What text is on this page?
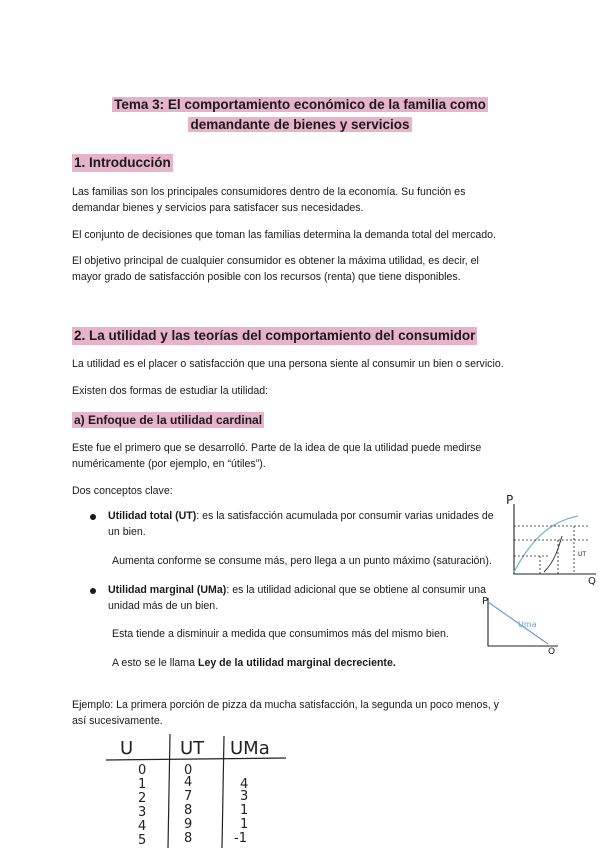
Tema 3: El comportamiento económico de la familia como
demandante de bienes y servicios
1. Introducción
Las familias son los principales consumidores dentro de la economía. Su función es
demandar bienes y servicios para satisfacer sus necesidades.
El conjunto de decisiones que toman las familias determina la demanda total del mercado.
El objetivo principal de cualquier consumidor es obtener la máxima utilidad, es decir, el
mayor grado de satisfacción posible con los recursos (renta) que tiene disponibles.
2. La utilidad y las teorías del comportamiento del consumidor
La utilidad es el placer o satisfacción que una persona siente al consumir un bien o servicio.
Existen dos formas de estudiar la utilidad:
a) Enfoque de la utilidad cardinal
Este fue el primero que se desarrolló. Parte de la idea de que la utilidad puede medirse
numéricamente (por ejemplo, en “útiles”).
Dos conceptos clave:
Utilidad total (UT): es la satisfacción acumulada por consumir varias unidades de
un bien.
Aumenta conforme se consume más, pero llega a un punto máximo (saturación).
Utilidad marginal (UMa): es la utilidad adicional que se obtiene al consumir una
unidad más de un bien.
Esta tiende a disminuir a medida que consumimos más del mismo bien.
A esto se le llama Ley de la utilidad marginal decreciente.
Ejemplo: La primera porción de pizza da mucha satisfacción, la segunda un poco menos, y
así sucesivamente.
P
Q
UT
P
Q
Uma
U	UT UMa
0	0
1	4	4
2	7	3
3	8	1
4	9	1
5	8	-1
